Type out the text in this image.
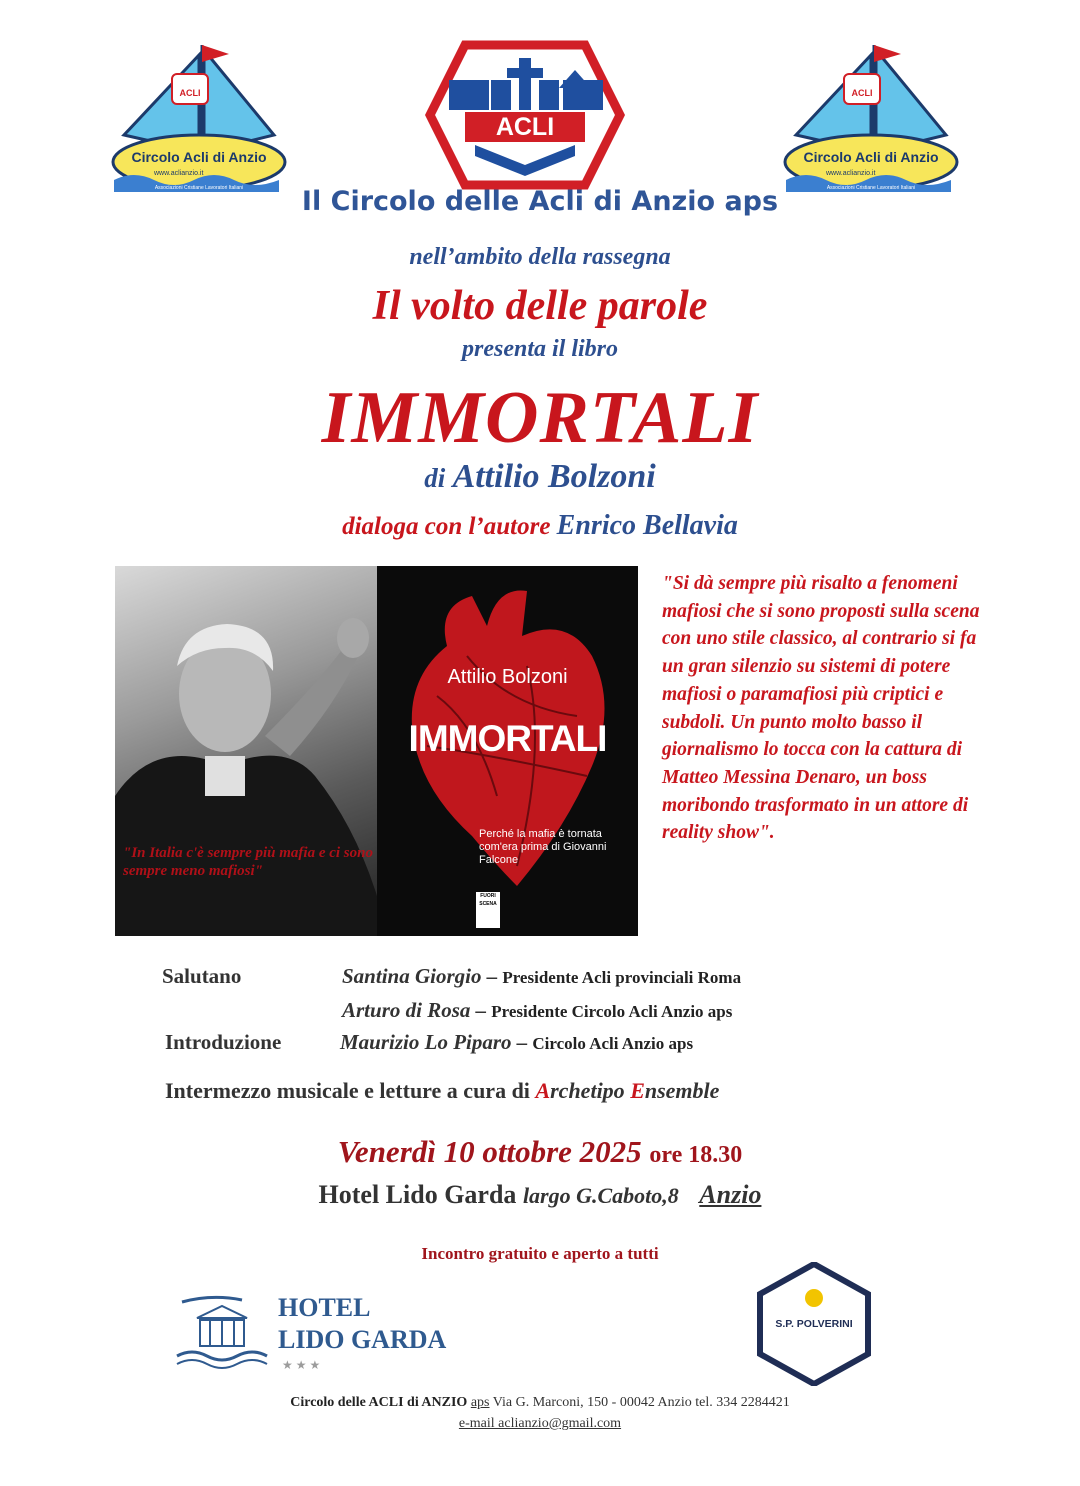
ACLI
Circolo Acli di Anzio
www.aclianzio.it
Associazioni Cristiane Lavoratori Italiani
ACLI
ACLI
Circolo Acli di Anzio
www.aclianzio.it
Associazioni Cristiane Lavoratori Italiani
Il Circolo delle Acli di Anzio aps
nell’ambito della rassegna
Il volto delle parole
presenta il libro
IMMORTALI
di Attilio Bolzoni
dialoga con l’autore Enrico Bellavia
"In Italia c'è sempre più mafia e ci sono sempre meno mafiosi"
Attilio Bolzoni
IMMORTALI
Perché la mafia è tornata com'era prima di Giovanni Falcone
FUORI SCENA
"Si dà sempre più risalto a fenomeni mafiosi che si sono proposti sulla scena con uno stile classico, al contrario si fa un gran silenzio su sistemi di potere mafiosi o paramafiosi più criptici e subdoli. Un punto molto basso il giornalismo lo tocca con la cattura di Matteo Messina Denaro, un boss moribondo trasformato in un attore di reality show".
Salutano	Santina Giorgio – Presidente Acli provinciali Roma
Arturo di Rosa – Presidente Circolo Acli Anzio aps
Introduzione	Maurizio Lo Piparo – Circolo Acli Anzio aps
Intermezzo musicale e letture a cura di Archetipo Ensemble
Venerdì 10 ottobre 2025 ore 18.30
Hotel Lido Garda largo G.Caboto,8 Anzio
Incontro gratuito e aperto a tutti
HOTEL
LIDO GARDA
★★★
S.P. POLVERINI
Circolo delle ACLI di ANZIO aps Via G. Marconi, 150 - 00042 Anzio tel. 334 2284421
e-mail aclianzio@gmail.com
